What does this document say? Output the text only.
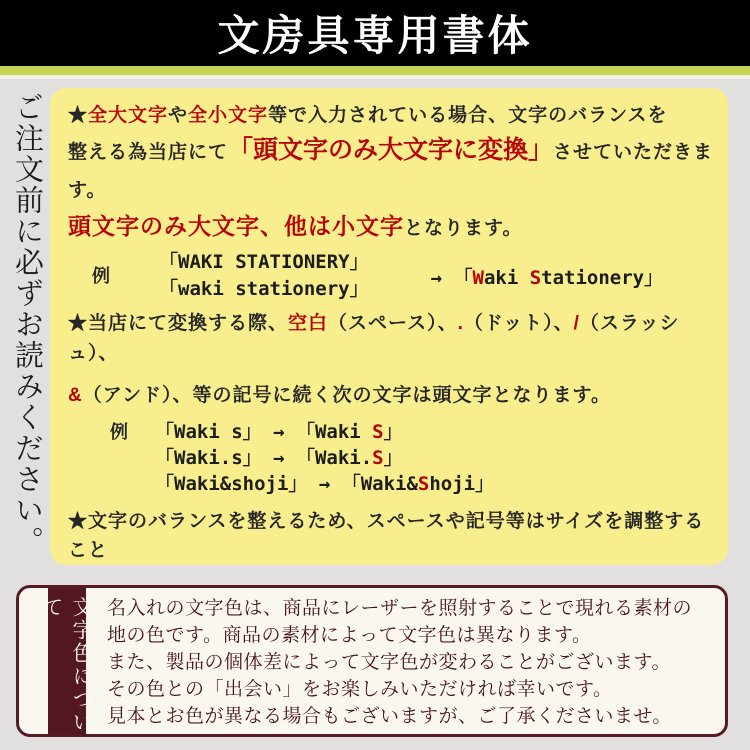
文房具専用書体
ご注文前に必ずお読みください。	★全大文字や全小文字等で入力されている場合、文字のバランスを

整える為当店にて「頭文字のみ大文字に変換」させていただきます。

頭文字のみ大文字、他は小文字となります。

例
「WAKI STATIONERY」
「waki stationery」
→ 「Waki Stationery」

★当店にて変換する際、空白（スペース）、.（ドット）、/（スラッシュ）、

&（アンド）、等の記号に続く次の文字は頭文字となります。

例 「Waki s」 → 「Waki S」
「Waki.s」 → 「Waki.S」
「Waki&shoji」 → 「Waki&Shoji」

★文字のバランスを整えるため、スペースや記号等はサイズを調整すること

文字色について	名入れの文字色は、商品にレーザーを照射することで現れる素材の
地の色です。商品の素材によって文字色は異なります。
また、製品の個体差によって文字色が変わることがございます。
その色との「出会い」をお楽しみいただければ幸いです。
見本とお色が異なる場合もございますが、ご了承くださいませ。
